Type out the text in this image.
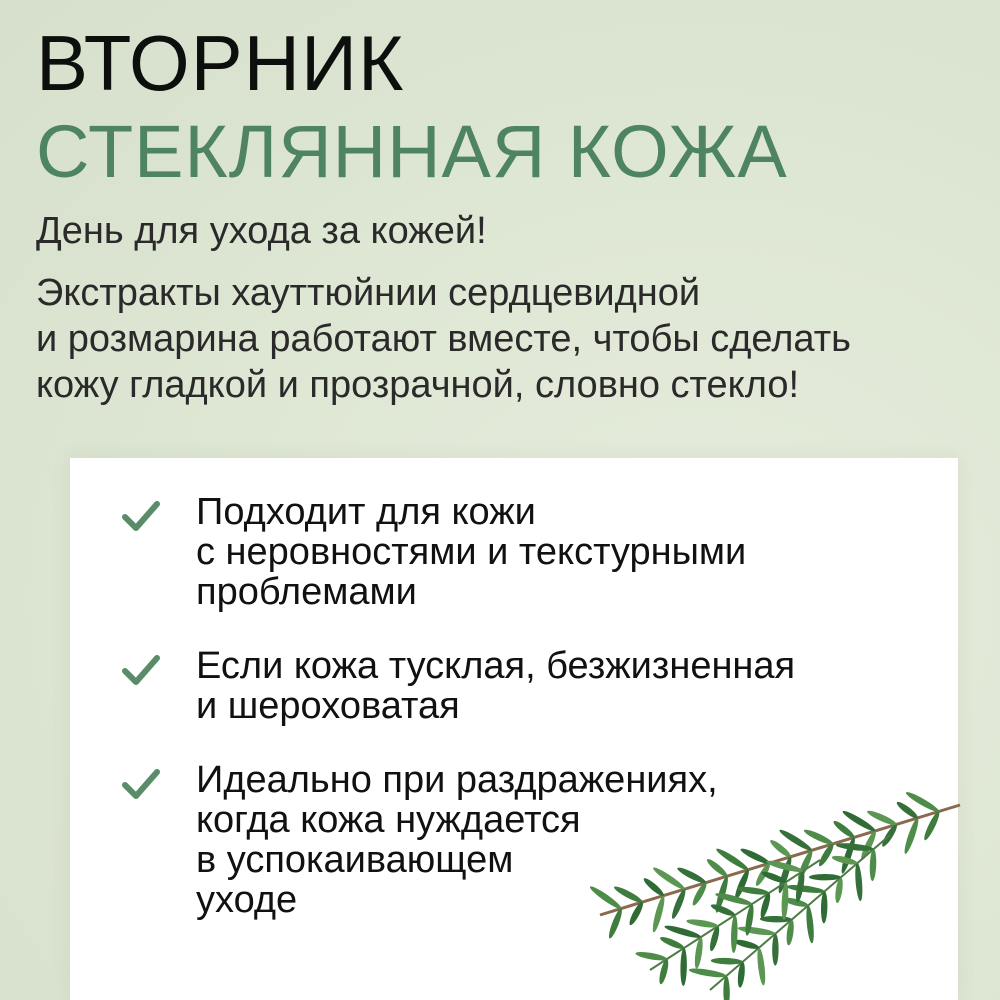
ВТОРНИК
СТЕКЛЯННАЯ КОЖА

День для ухода за кожей!

Экстракты хауттюйнии сердцевидной
и розмарина работают вместе, чтобы сделать
кожу гладкой и прозрачной, словно стекло!

Подходит для кожи
с неровностями и текстурными
проблемами
Если кожа тусклая, безжизненная
и шероховатая
Идеально при раздражениях,
когда кожа нуждается
в успокаивающем
уходе
